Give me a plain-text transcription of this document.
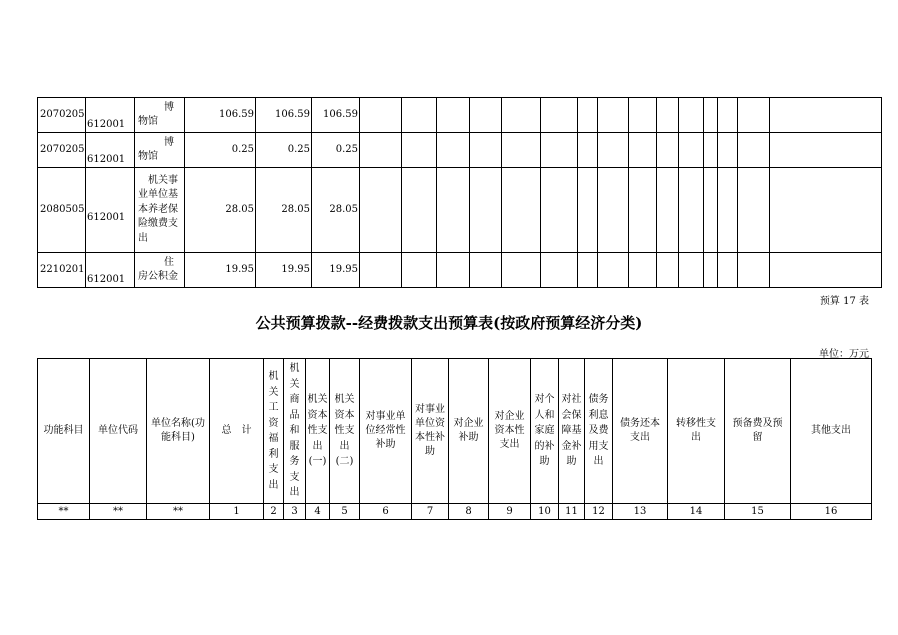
2070205	612001	博物馆	106.59	106.59	106.59															
2070205	612001	博物馆	0.25	0.25	0.25															
2080505	612001	机关事业单位基本养老保险缴费支出	28.05	28.05	28.05															
2210201	612001	住房公积金	19.95	19.95	19.95															
预算 17 表
公共预算拨款--经费拨款支出预算表(按政府预算经济分类)
单位：万元
功能科目	单位代码	单位名称(功能科目)	总　计	机关工资福利支出	机关商品和服务支出	机关资本性支出(一)	机关资本性支出(二)	对事业单位经常性补助	对事业单位资本性补助	对企业补助	对企业资本性支出	对个人和家庭的补助	对社会保障基金补助	债务利息及费用支出	债务还本支出	转移性支出	预备费及预留	其他支出
**	**	**	1	2	3	4	5	6	7	8	9	10	11	12	13	14	15	16
